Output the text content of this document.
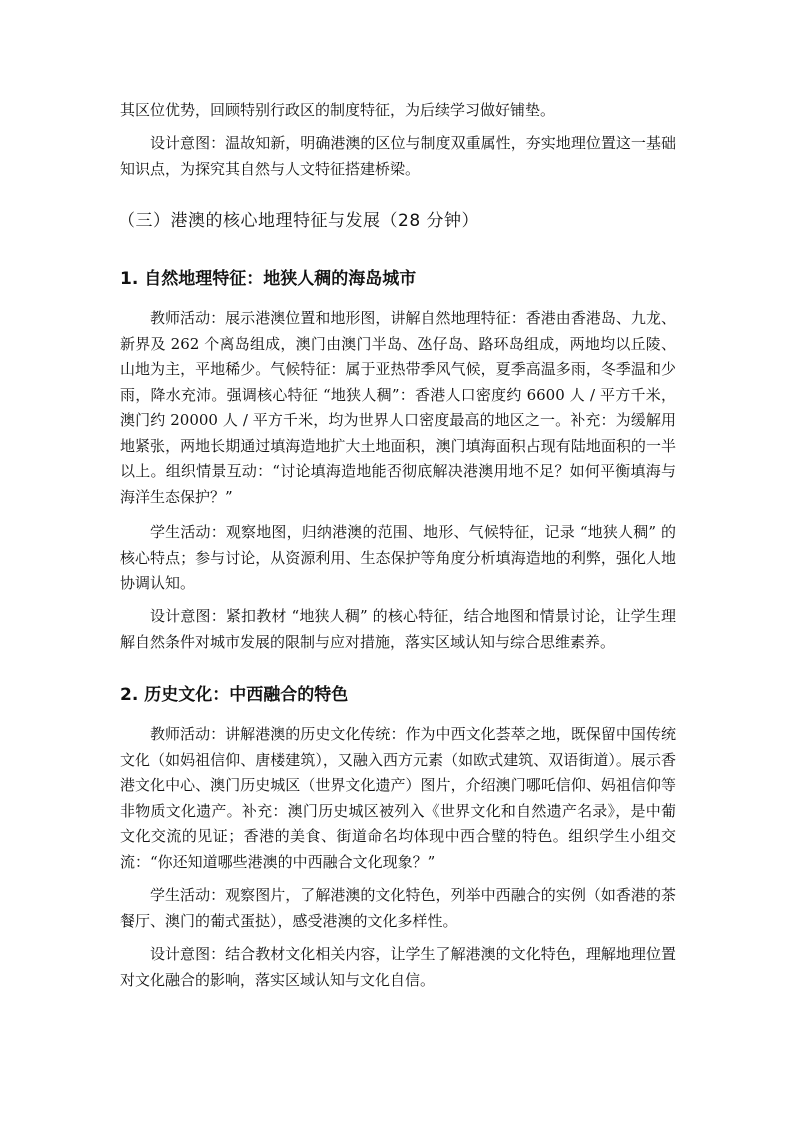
其区位优势，回顾特别行政区的制度特征，为后续学习做好铺垫。

设计意图：温故知新，明确港澳的区位与制度双重属性，夯实地理位置这一基础知识点，为探究其自然与人文特征搭建桥梁。

（三）港澳的核心地理特征与发展（28 分钟）
1. 自然地理特征：地狭人稠的海岛城市

教师活动：展示港澳位置和地形图，讲解自然地理特征：香港由香港岛、九龙、新界及 262 个离岛组成，澳门由澳门半岛、氹仔岛、路环岛组成，两地均以丘陵、山地为主，平地稀少。气候特征：属于亚热带季风气候，夏季高温多雨，冬季温和少雨，降水充沛。强调核心特征 “地狭人稠”：香港人口密度约 6600 人 / 平方千米，澳门约 20000 人 / 平方千米，均为世界人口密度最高的地区之一。补充：为缓解用地紧张，两地长期通过填海造地扩大土地面积，澳门填海面积占现有陆地面积的一半以上。组织情景互动：“讨论填海造地能否彻底解决港澳用地不足？如何平衡填海与海洋生态保护？”

学生活动：观察地图，归纳港澳的范围、地形、气候特征，记录 “地狭人稠” 的核心特点；参与讨论，从资源利用、生态保护等角度分析填海造地的利弊，强化人地协调认知。

设计意图：紧扣教材 “地狭人稠” 的核心特征，结合地图和情景讨论，让学生理解自然条件对城市发展的限制与应对措施，落实区域认知与综合思维素养。

2. 历史文化：中西融合的特色

教师活动：讲解港澳的历史文化传统：作为中西文化荟萃之地，既保留中国传统文化（如妈祖信仰、唐楼建筑），又融入西方元素（如欧式建筑、双语街道）。展示香港文化中心、澳门历史城区（世界文化遗产）图片，介绍澳门哪吒信仰、妈祖信仰等非物质文化遗产。补充：澳门历史城区被列入《世界文化和自然遗产名录》，是中葡文化交流的见证；香港的美食、街道命名均体现中西合璧的特色。组织学生小组交流：“你还知道哪些港澳的中西融合文化现象？”

学生活动：观察图片，了解港澳的文化特色，列举中西融合的实例（如香港的茶餐厅、澳门的葡式蛋挞），感受港澳的文化多样性。

设计意图：结合教材文化相关内容，让学生了解港澳的文化特色，理解地理位置对文化融合的影响，落实区域认知与文化自信。
